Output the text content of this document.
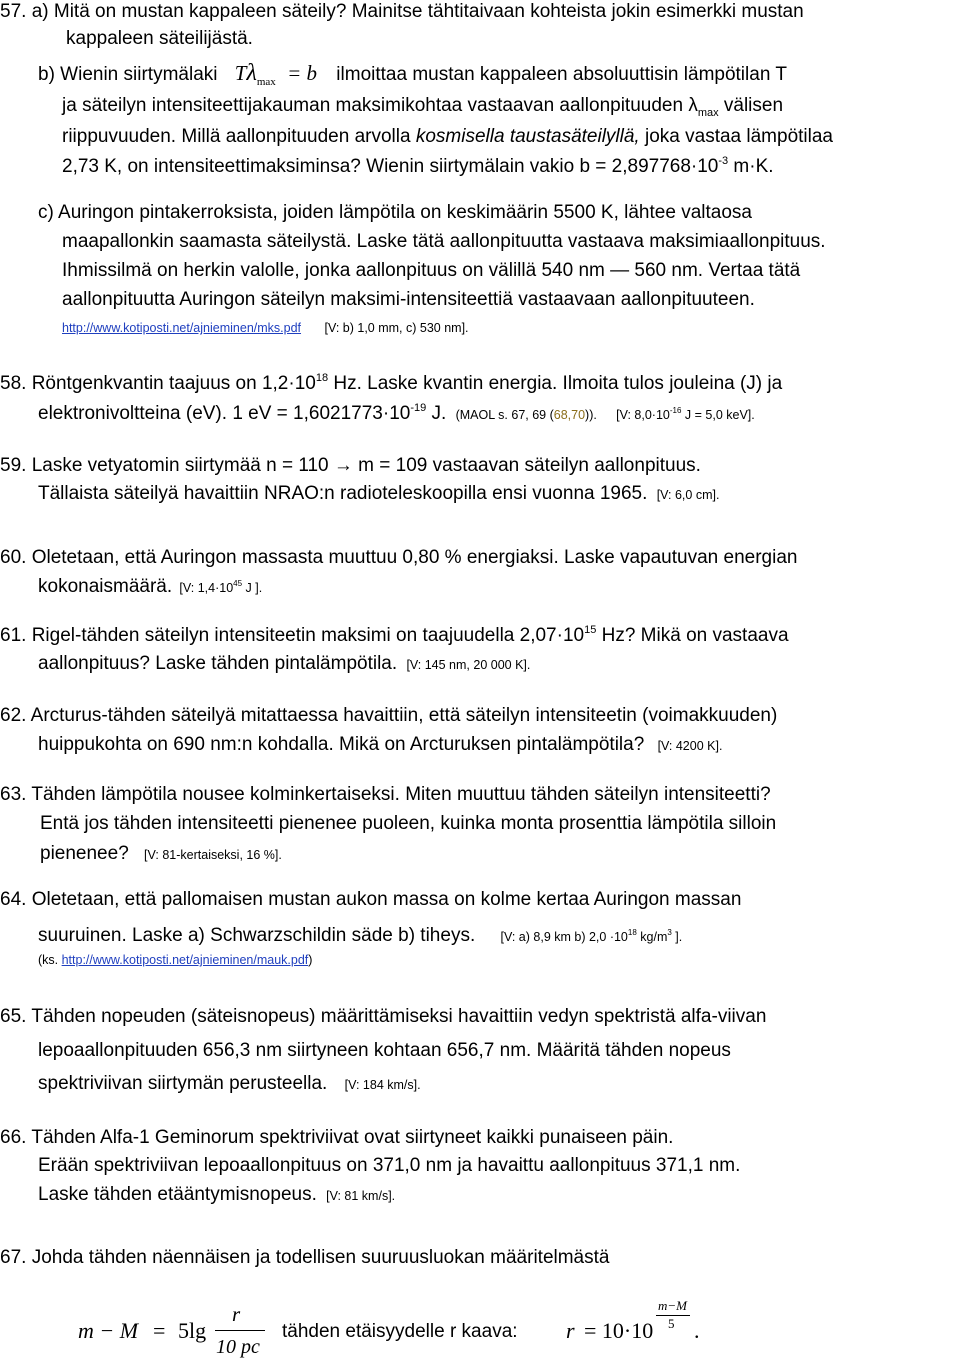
57. a) Mitä on mustan kappaleen säteily? Mainitse tähtitaivaan kohteista jokin esimerkki mustan
kappaleen säteilijästä.
b) Wienin siirtymälaki $T\lambda_{max} = b$ ilmoittaa mustan kappaleen absoluuttisin lämpötilan T
ja säteilyn intensiteettijakauman maksimikohtaa vastaavan aallonpituuden $\lambda_{max}$ välisen
riippuvuuden. Millä aallonpituuden arvolla kosmisella taustasäteilyllä, joka vastaa lämpötilaa
2,73 K, on intensiteettimaksiminsa? Wienin siirtymälain vakio $b = 2,897768\cdot 10^{-3}$ m·K.
c) Auringon pintakerroksista, joiden lämpötila on keskimäärin 5500 K, lähtee valtaosa
maapallonkin saamasta säteilystä. Laske tätä aallonpituutta vastaava maksimiaallonpituus.
Ihmissilmä on herkin valolle, jonka aallonpituus on välillä 540 nm — 560 nm. Vertaa tätä
aallonpituutta Auringon säteilyn maksimi-intensiteettiä vastaavaan aallonpituuteen.
http://www.kotiposti.net/ajnieminen/mks.pdf [V: b) 1,0 mm, c) 530 nm].
58. Röntgenkvantin taajuus on $1,2\cdot 10^{18}$ Hz. Laske kvantin energia. Ilmoita tulos jouleina (J) ja
elektronivoltteina (eV). 1 eV = $1,6021773\cdot 10^{-19}$ J. (MAOL s. 67, 69 (68,70)). [V: $8,0\cdot 10^{-16}$ J = 5,0 keV].
59. Laske vetyatomin siirtymää n = 110 → m = 109 vastaavan säteilyn aallonpituus.
Tällaista säteilyä havaittiin NRAO:n radioteleskoopilla ensi vuonna 1965. [V: 6,0 cm].
60. Oletetaan, että Auringon massasta muuttuu 0,80 % energiaksi. Laske vapautuvan energian
kokonaismäärä. [V: $1,4\cdot 10^{45}$ J ].
61. Rigel-tähden säteilyn intensiteetin maksimi on taajuudella $2,07\cdot 10^{15}$ Hz? Mikä on vastaava
aallonpituus? Laske tähden pintalämpötila. [V: 145 nm, 20 000 K].
62. Arcturus-tähden säteilyä mitattaessa havaittiin, että säteilyn intensiteetin (voimakkuuden)
huippukohta on 690 nm:n kohdalla. Mikä on Arcturuksen pintalämpötila? [V: 4200 K].
63. Tähden lämpötila nousee kolminkertaiseksi. Miten muuttuu tähden säteilyn intensiteetti?
Entä jos tähden intensiteetti pienenee puoleen, kuinka monta prosenttia lämpötila silloin
pienenee? [V: 81-kertaiseksi, 16 %].
64. Oletetaan, että pallomaisen mustan aukon massa on kolme kertaa Auringon massan
suuruinen. Laske a) Schwarzschildin säde b) tiheys. [V: a) 8,9 km b) $2,0 \cdot 10^{18}$ $kg/m^3$ ].
(ks. http://www.kotiposti.net/ajnieminen/mauk.pdf)
65. Tähden nopeuden (säteisnopeus) määrittämiseksi havaittiin vedyn spektristä alfa-viivan
lepoaallonpituuden 656,3 nm siirtyneen kohtaan 656,7 nm. Määritä tähden nopeus
spektriviivan siirtymän perusteella. [V: 184 km/s].
66. Tähden Alfa-1 Geminorum spektriviivat ovat siirtyneet kaikki punaiseen päin.
Erään spektriviivan lepoaallonpituus on 371,0 nm ja havaittu aallonpituus 371,1 nm.
Laske tähden etääntymisnopeus. [V: 81 km/s].
67. Johda tähden näennäisen ja todellisen suuruusluokan määritelmästä
m − M = 5lg
r
10 pc
tähden etäisyydelle r kaava: r = 10·10
m−M
5 .
